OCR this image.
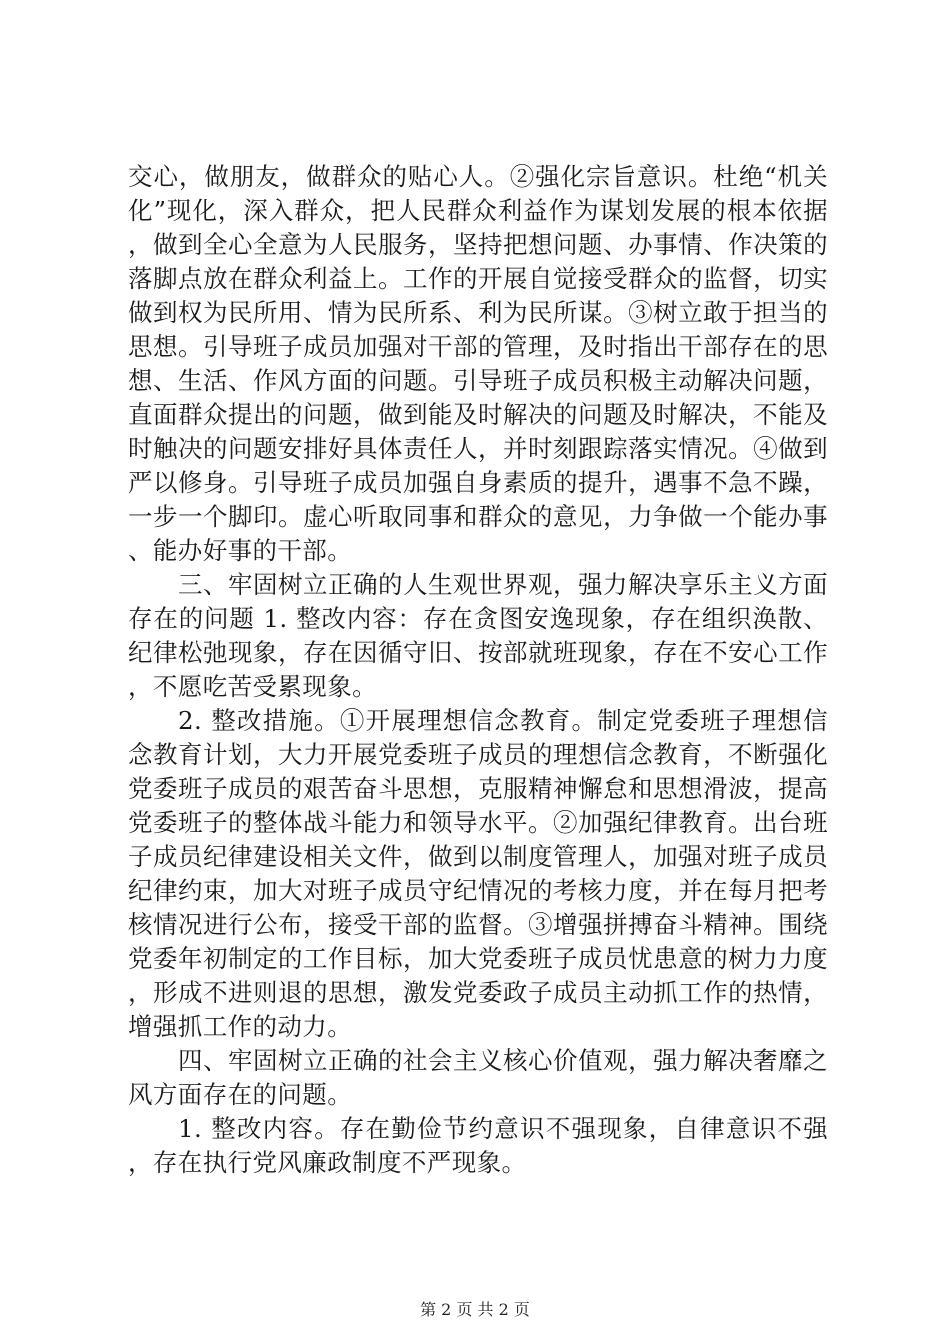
交心，做朋友，做群众的贴心人。②强化宗旨意识。杜绝“机关化”现化，深入群众，把人民群众利益作为谋划发展的根本依据，做到全心全意为人民服务，坚持把想问题、办事情、作决策的落脚点放在群众利益上。工作的开展自觉接受群众的监督，切实做到权为民所用、情为民所系、利为民所谋。③树立敢于担当的思想。引导班子成员加强对干部的管理，及时指出干部存在的思想、生活、作风方面的问题。引导班子成员积极主动解决问题，直面群众提出的问题，做到能及时解决的问题及时解决，不能及时触决的问题安排好具体责任人，并时刻跟踪落实情况。④做到严以修身。引导班子成员加强自身素质的提升，遇事不急不躁，一步一个脚印。虚心听取同事和群众的意见，力争做一个能办事、能办好事的干部。

三、牢固树立正确的人生观世界观，强力解决享乐主义方面存在的问题 1. 整改内容：存在贪图安逸现象，存在组织涣散、纪律松弛现象，存在因循守旧、按部就班现象，存在不安心工作，不愿吃苦受累现象。

2. 整改措施。①开展理想信念教育。制定党委班子理想信念教育计划，大力开展党委班子成员的理想信念教育，不断强化党委班子成员的艰苦奋斗思想，克服精神懈怠和思想滑波，提高党委班子的整体战斗能力和领导水平。②加强纪律教育。出台班子成员纪律建设相关文件，做到以制度管理人，加强对班子成员纪律约束，加大对班子成员守纪情况的考核力度，并在每月把考核情况进行公布，接受干部的监督。③增强拼搏奋斗精神。围绕党委年初制定的工作目标，加大党委班子成员忧患意的树力力度，形成不进则退的思想，激发党委政子成员主动抓工作的热情，增强抓工作的动力。

四、牢固树立正确的社会主义核心价值观，强力解决奢靡之风方面存在的问题。

1. 整改内容。存在勤俭节约意识不强现象，自律意识不强，存在执行党风廉政制度不严现象。

第 2 页 共 2 页
